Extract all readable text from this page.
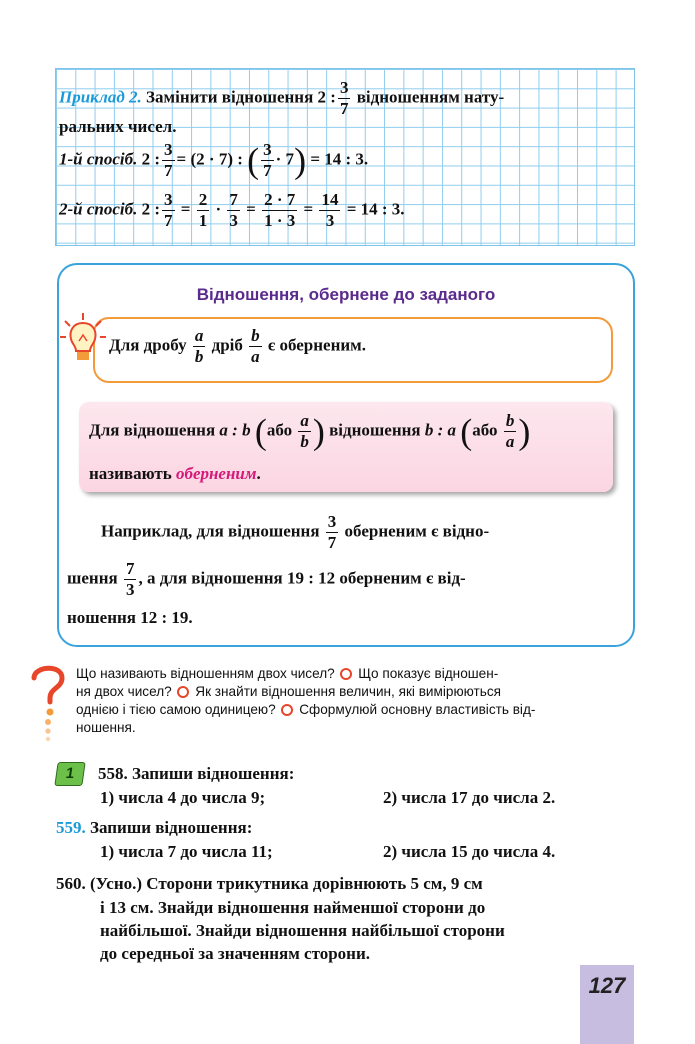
Приклад 2. Замінити відношення 2 : $\frac{3}{7}$ відношенням нату-
ральних чисел.
1-й спосіб. 2 : $\frac{3}{7} = (2 \cdot 7)$ : ( $\frac{3}{7} \cdot 7) = 14$ : 3.
2-й спосіб. 2 : $\frac{3}{7} = \frac{2}{1} \cdot \frac{7}{3} = \frac{2 \cdot 7}{1 \cdot 3} = \frac{14}{3} = 14$ : 3.
Відношення, обернене до заданого
Для дробу $\frac{a}{b}$ дріб $\frac{b}{a}$ є оберненим.
Для відношення a : b ($або \frac{a}{b}$ ) відношення b : a ($або \frac{b}{a}$ )
називають оберненим.
Наприклад, для відношення $\frac{3}{7}$ оберненим є відно-
шення $\frac{7}{3}$ , а для відношення 19 : 12 оберненим є від-
ношення 12 : 19.
Що називають відношенням двох чисел? Що показує відношен-
ня двох чисел? Як знайти відношення величин, які вимірюються
однією і тією самою одиницею? Сформулюй основну властивість від-
ношення.
1	558. Запиши відношення:
1) числа 4 до числа 9;	2) числа 17 до числа 2.
559. Запиши відношення:
1) числа 7 до числа 11;	2) числа 15 до числа 4.
560. (Усно.) Сторони трикутника дорівнюють 5 см, 9 см
і 13 см. Знайди відношення найменшої сторони до
найбільшої. Знайди відношення найбільшої сторони
до середньої за значенням сторони.
127
